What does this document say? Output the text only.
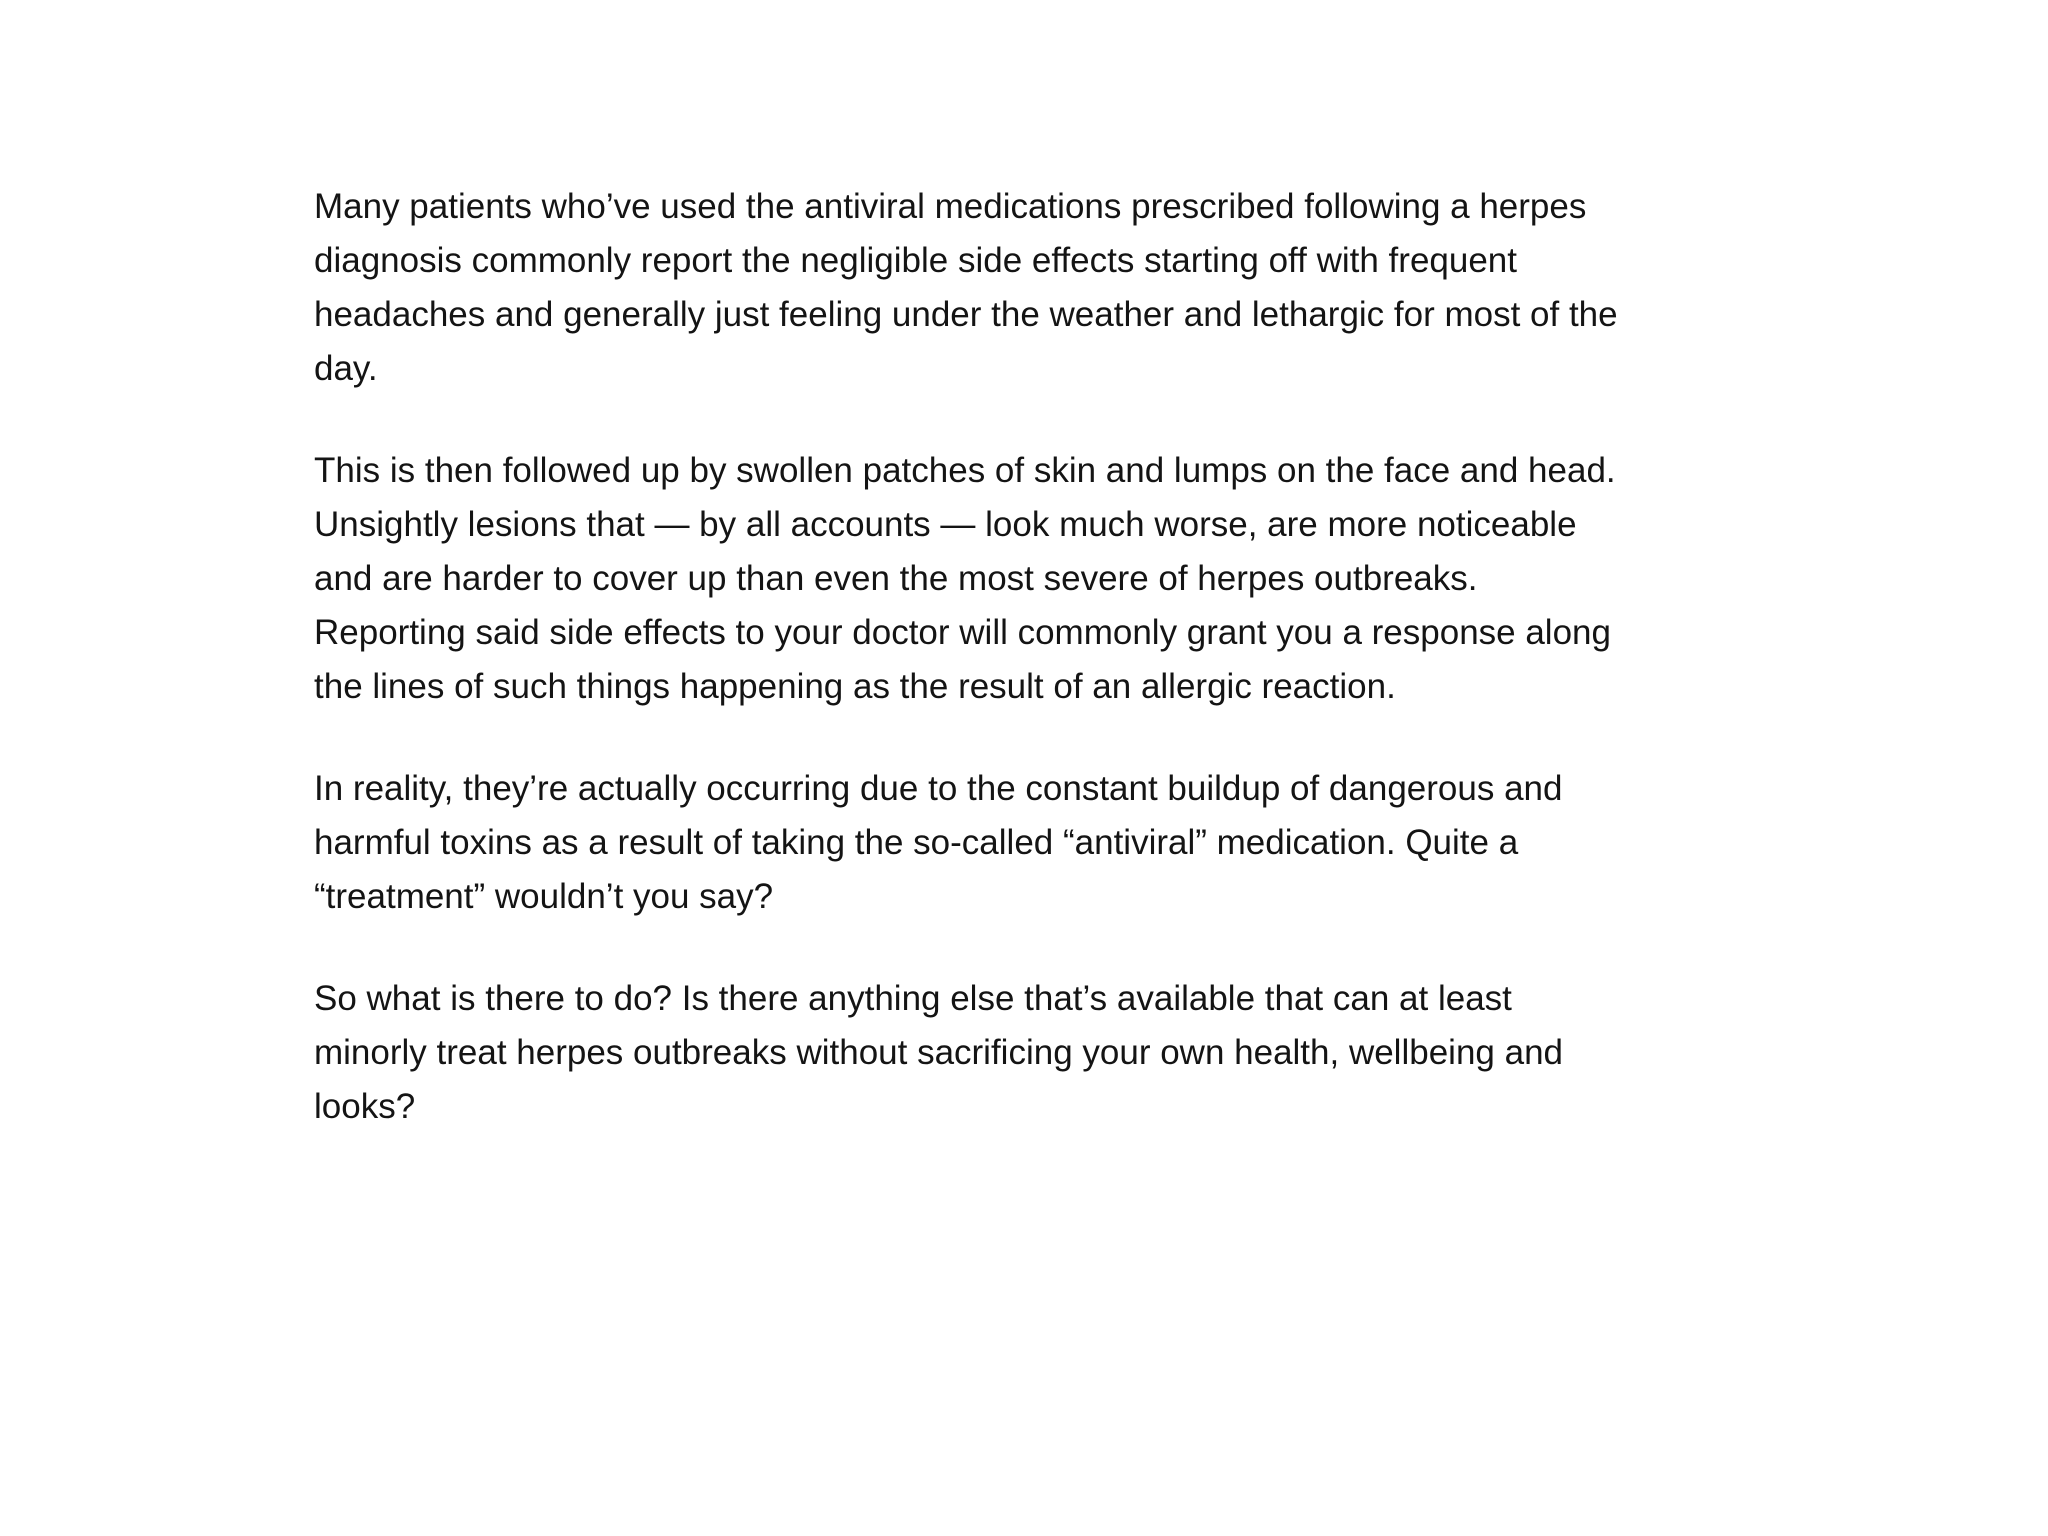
Many patients who’ve used the antiviral medications prescribed following a herpes
diagnosis commonly report the negligible side effects starting off with frequent
headaches and generally just feeling under the weather and lethargic for most of the
day.

This is then followed up by swollen patches of skin and lumps on the face and head.
Unsightly lesions that — by all accounts — look much worse, are more noticeable
and are harder to cover up than even the most severe of herpes outbreaks.
Reporting said side effects to your doctor will commonly grant you a response along
the lines of such things happening as the result of an allergic reaction.

In reality, they’re actually occurring due to the constant buildup of dangerous and
harmful toxins as a result of taking the so-called “antiviral” medication. Quite a
“treatment” wouldn’t you say?

So what is there to do? Is there anything else that’s available that can at least
minorly treat herpes outbreaks without sacrificing your own health, wellbeing and
looks?
